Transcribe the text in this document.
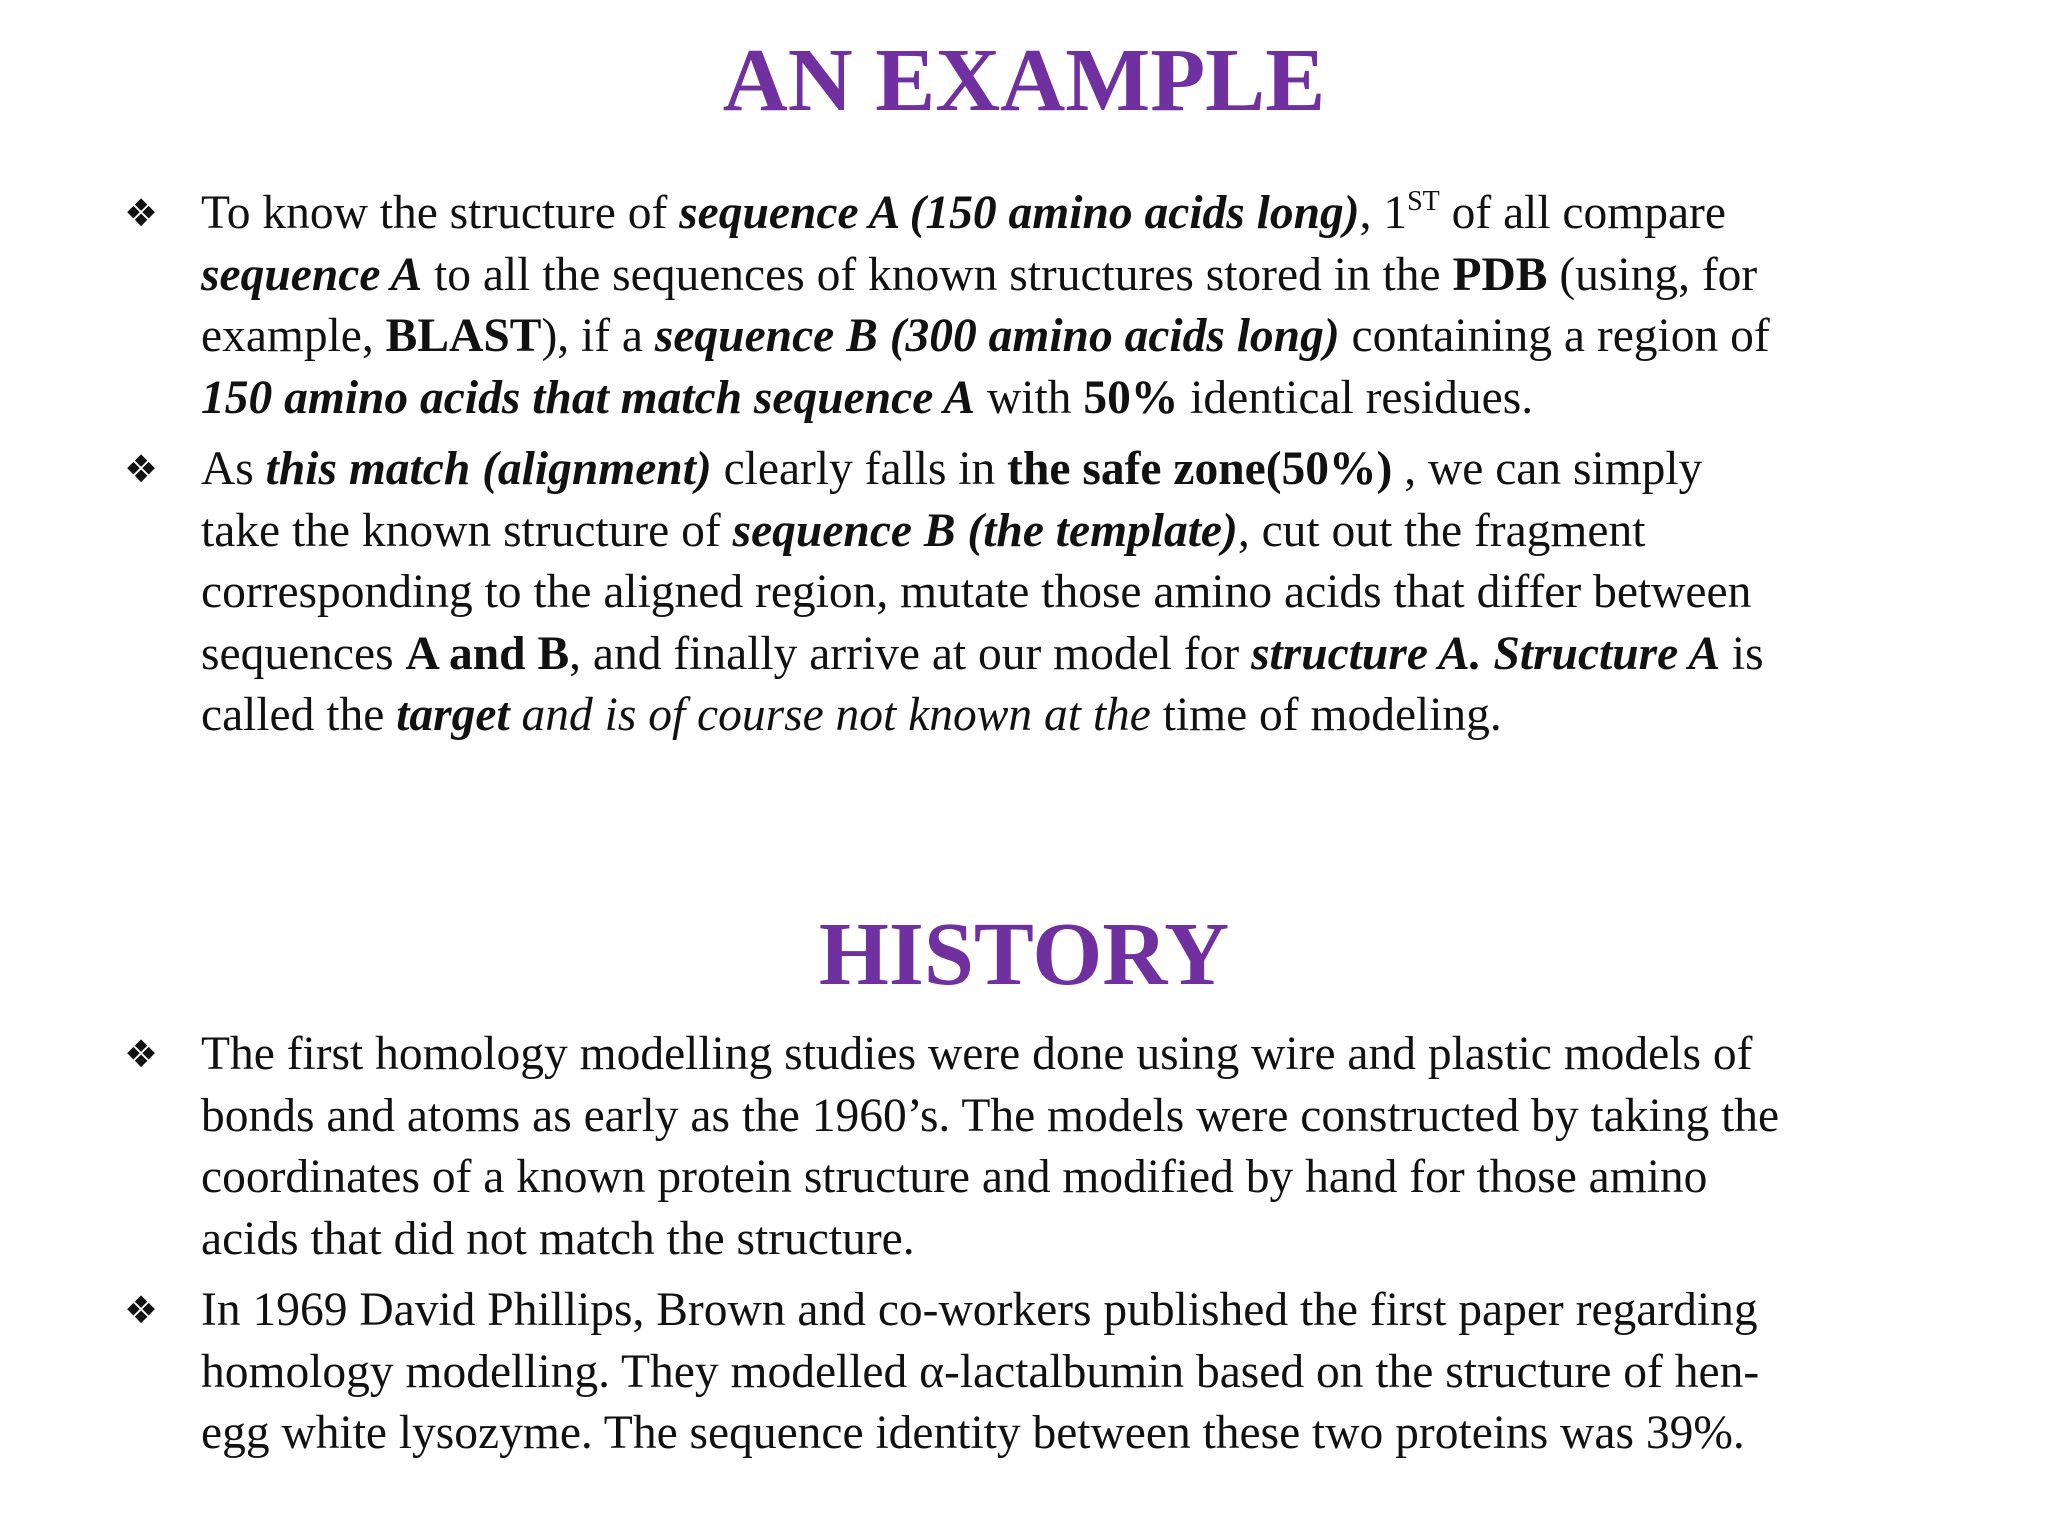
AN EXAMPLE
❖ To know the structure of sequence A (150 amino acids long), 1ST of all compare
sequence A to all the sequences of known structures stored in the PDB (using, for
example, BLAST), if a sequence B (300 amino acids long) containing a region of
150 amino acids that match sequence A with 50% identical residues.
❖ As this match (alignment) clearly falls in the safe zone(50%) , we can simply
take the known structure of sequence B (the template), cut out the fragment
corresponding to the aligned region, mutate those amino acids that differ between
sequences A and B, and finally arrive at our model for structure A. Structure A is
called the target and is of course not known at the time of modeling.
HISTORY
❖ The first homology modelling studies were done using wire and plastic models of
bonds and atoms as early as the 1960’s. The models were constructed by taking the
coordinates of a known protein structure and modified by hand for those amino
acids that did not match the structure.
❖ In 1969 David Phillips, Brown and co-workers published the first paper regarding
homology modelling. They modelled α-lactalbumin based on the structure of hen-
egg white lysozyme. The sequence identity between these two proteins was 39%.
